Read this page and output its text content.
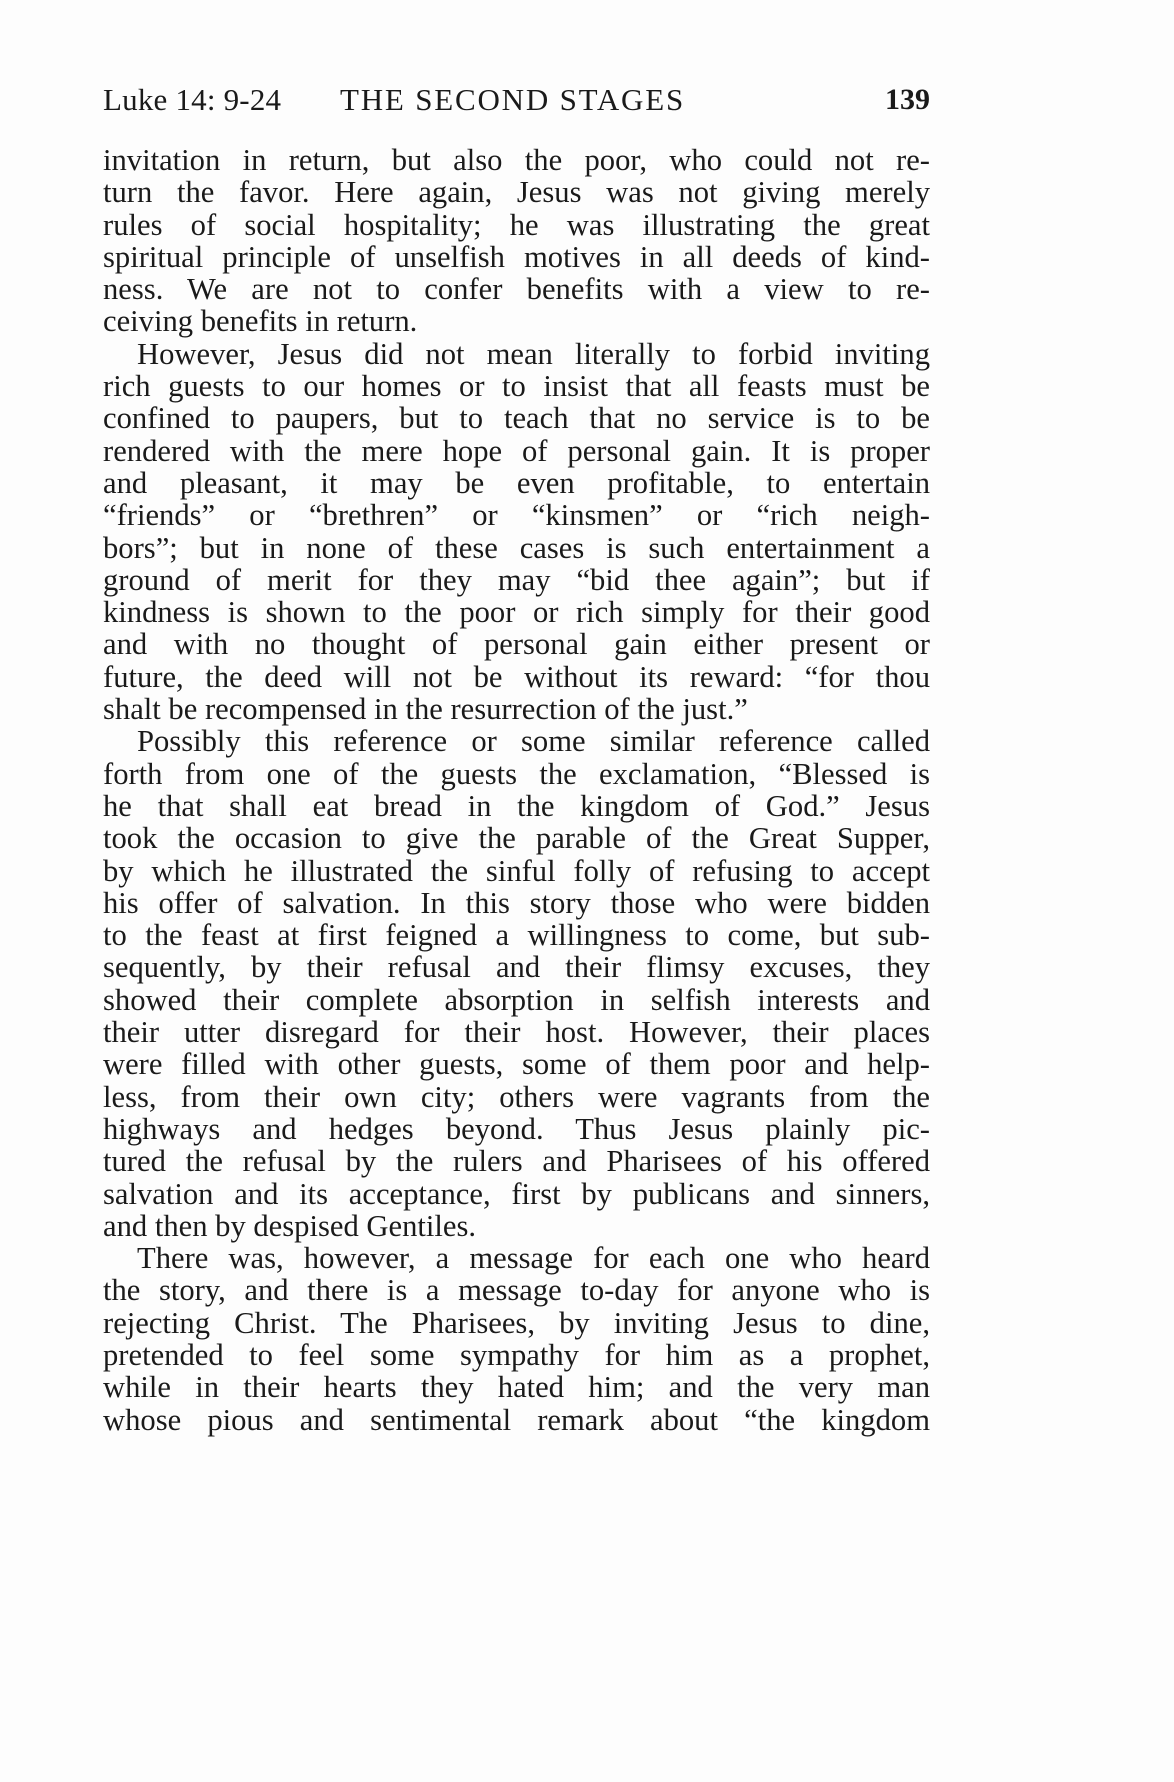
Luke 14: 9-24 THE SECOND STAGES	139
invitation in return, but also the poor, who could not re-
turn the favor. Here again, Jesus was not giving merely
rules of social hospitality; he was illustrating the great
spiritual principle of unselfish motives in all deeds of kind-
ness. We are not to confer benefits with a view to re-
ceiving benefits in return.
However, Jesus did not mean literally to forbid inviting
rich guests to our homes or to insist that all feasts must be
confined to paupers, but to teach that no service is to be
rendered with the mere hope of personal gain. It is proper
and pleasant, it may be even profitable, to entertain
“friends” or “brethren” or “kinsmen” or “rich neigh-
bors”; but in none of these cases is such entertainment a
ground of merit for they may “bid thee again”; but if
kindness is shown to the poor or rich simply for their good
and with no thought of personal gain either present or
future, the deed will not be without its reward: “for thou
shalt be recompensed in the resurrection of the just.”
Possibly this reference or some similar reference called
forth from one of the guests the exclamation, “Blessed is
he that shall eat bread in the kingdom of God.” Jesus
took the occasion to give the parable of the Great Supper,
by which he illustrated the sinful folly of refusing to accept
his offer of salvation. In this story those who were bidden
to the feast at first feigned a willingness to come, but sub-
sequently, by their refusal and their flimsy excuses, they
showed their complete absorption in selfish interests and
their utter disregard for their host. However, their places
were filled with other guests, some of them poor and help-
less, from their own city; others were vagrants from the
highways and hedges beyond. Thus Jesus plainly pic-
tured the refusal by the rulers and Pharisees of his offered
salvation and its acceptance, first by publicans and sinners,
and then by despised Gentiles.
There was, however, a message for each one who heard
the story, and there is a message to-day for anyone who is
rejecting Christ. The Pharisees, by inviting Jesus to dine,
pretended to feel some sympathy for him as a prophet,
while in their hearts they hated him; and the very man
whose pious and sentimental remark about “the kingdom
